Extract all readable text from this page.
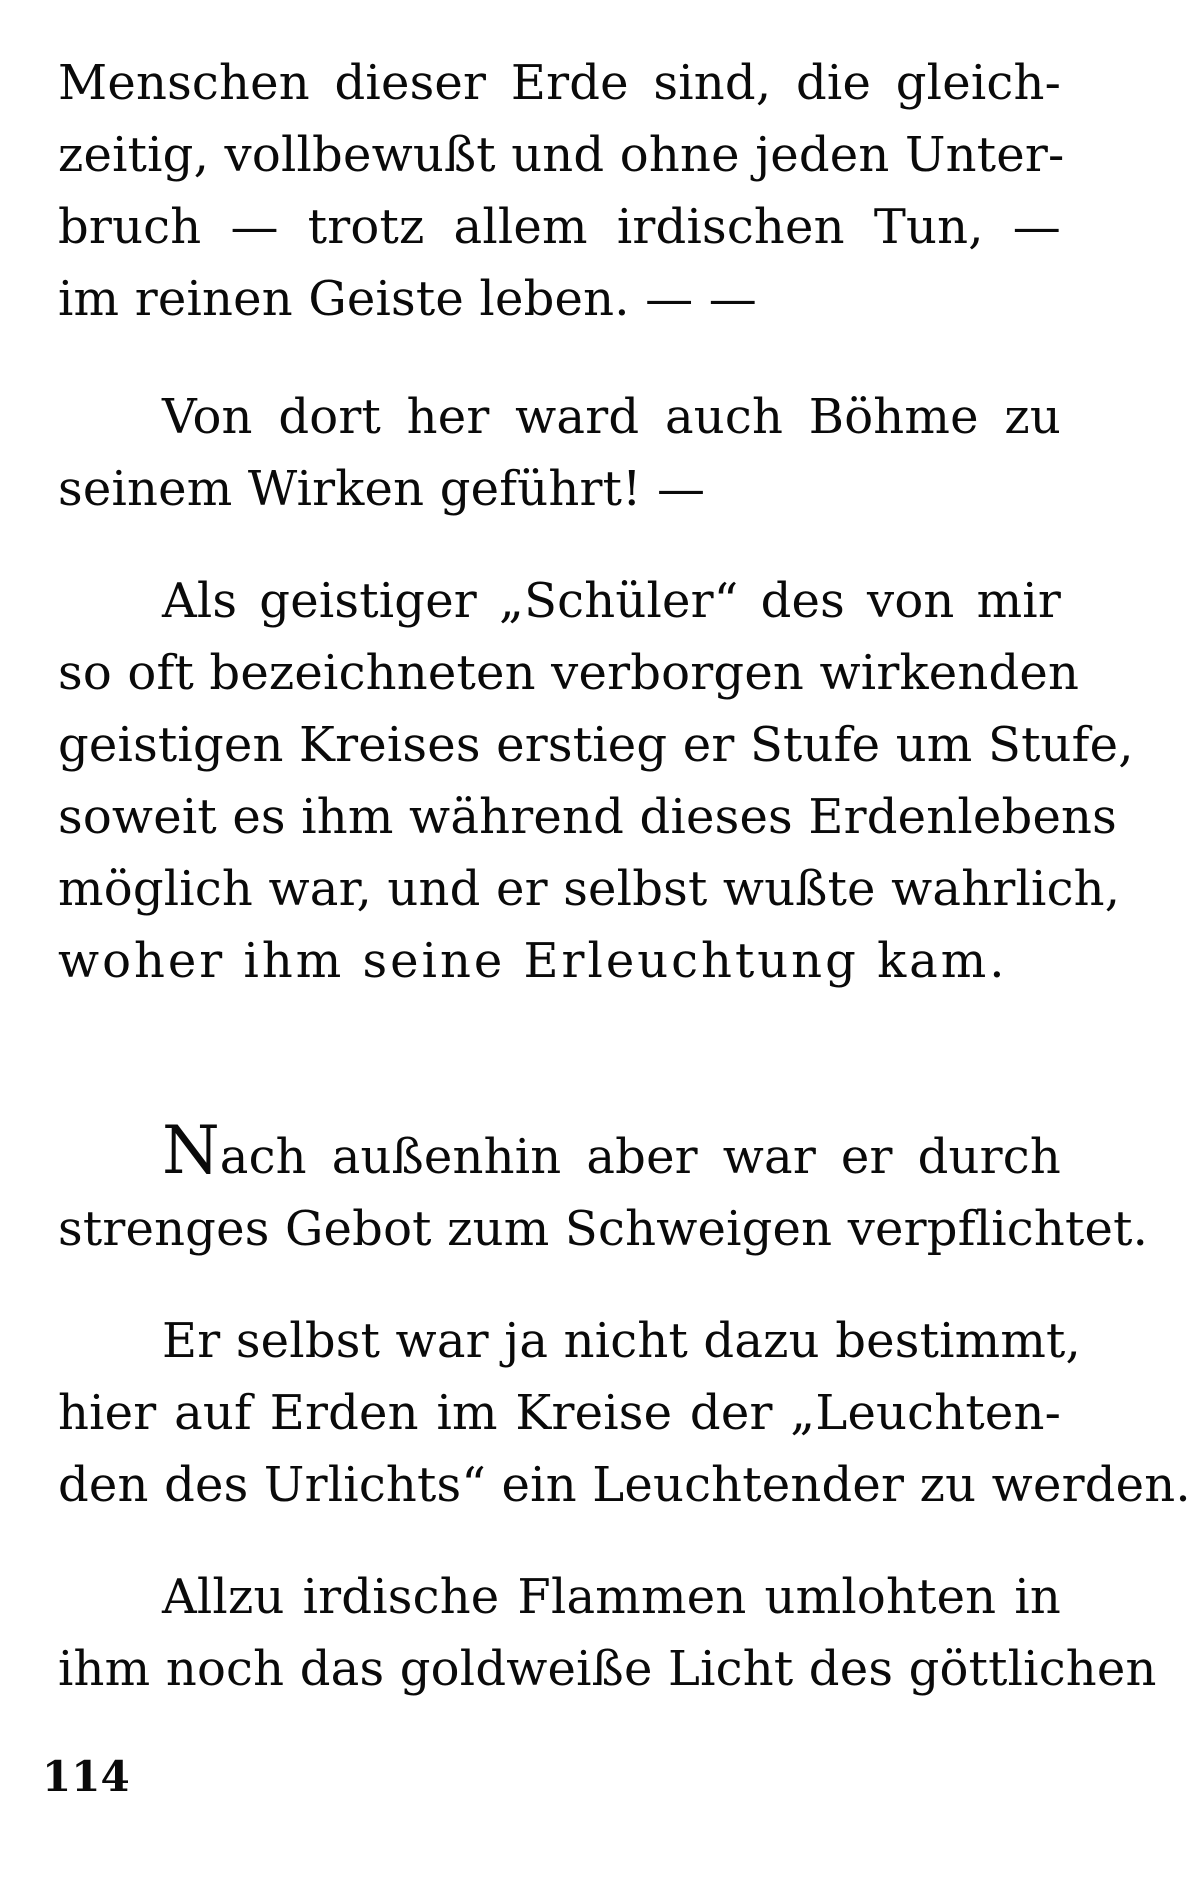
Menschen dieser Erde sind, die gleich-
zeitig, vollbewußt und ohne jeden Unter-
bruch — trotz allem irdischen Tun, —
im reinen Geiste leben. — —
Von dort her ward auch Böhme zu
seinem Wirken geführt! —
Als geistiger „Schüler“ des von mir
so oft bezeichneten verborgen wirkenden
geistigen Kreises erstieg er Stufe um Stufe,
soweit es ihm während dieses Erdenlebens
möglich war, und er selbst wußte wahrlich,
woher ihm seine Erleuchtung kam.
Nach außenhin aber war er durch
strenges Gebot zum Schweigen verpflichtet.
Er selbst war ja nicht dazu bestimmt,
hier auf Erden im Kreise der „Leuchten-
den des Urlichts“ ein Leuchtender zu werden.
Allzu irdische Flammen umlohten in
ihm noch das goldweiße Licht des göttlichen
114
